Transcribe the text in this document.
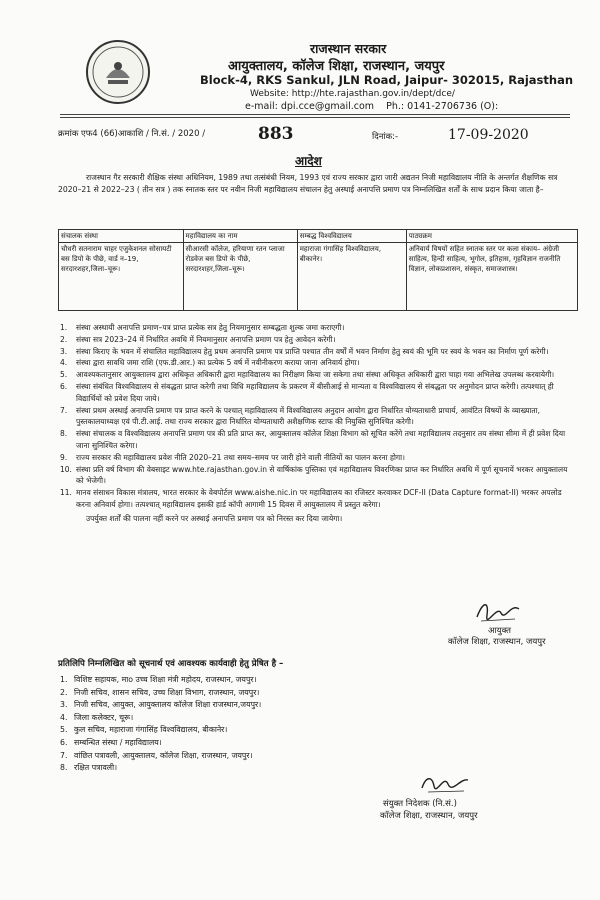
राजस्थान सरकार
आयुक्तालय, कॉलेज शिक्षा, राजस्थान, जयपुर
Block-4, RKS Sankul, JLN Road, Jaipur- 302015, Rajasthan
Website: http://hte.rajasthan.gov.in/dept/dce/
e-mail: dpi.cce@gmail.com Ph.: 0141-2706736 (O):
क्रमांक एफ4 (66)आकाशि / नि.सं. / 2020 /	883	दिनांक:-	17-09-2020
आदेश
राजस्थान गैर सरकारी शैक्षिक संस्था अधिनियम, 1989 तथा तत्संबंधी नियम, 1993 एवं राज्य सरकार द्वारा जारी अद्यतन निजी महाविद्यालय नीति के अन्तर्गत शैक्षणिक सत्र 2020–21 से 2022–23 ( तीन सत्र ) तक स्नातक स्तर पर नवीन निजी महाविद्यालय संचालन हेतु अस्थाई अनापत्ति प्रमाण पत्र निम्नलिखित शर्तों के साथ प्रदान किया जाता है–
संचालक संस्था	महाविद्यालय का नाम	सम्बद्ध विश्वविद्यालय	पाठ्यक्रम
चौधरी सतनाराम चाहर एजुकेशनल सोसायटी बस डिपो के पीछे, वार्ड न–19, सरदारशहर,जिला–चूरू।	सीआरसी कॉलेज, हरियाणा रतन प्लाजा रोडवेज बस डिपो के पीछे, सरदारशहर,जिला–चूरू।	महाराजा गंगासिंह विश्वविद्यालय, बीकानेर।	अनिवार्य विषयों सहित स्नातक स्तर पर कला संकाय– अंग्रेजी साहित्य, हिन्दी साहित्य, भूगोल, इतिहास, गृहविज्ञान राजनीति विज्ञान, लोकप्रशासन, संस्कृत, समाजशास्त्र।
1. संस्था अस्थायी अनापत्ति प्रमाण–पत्र प्राप्त प्रत्येक सत्र हेतु नियमानुसार सम्बद्धता शुल्क जमा कराएगी।
2. संस्था सत्र 2023–24 में निर्धारित अवधि में नियमानुसार अनापत्ति प्रमाण पत्र हेतु आवेदन करेगी।
3. संस्था किराए के भवन में संचालित महाविद्यालय हेतु प्रथम अनापत्ति प्रमाण पत्र प्राप्ति पश्चात तीन वर्षों में भवन निर्माण हेतु स्वयं की भूमि पर स्वयं के भवन का निर्माण पूर्ण करेगी।
4. संस्था द्वारा सावधि जमा राशि (एफ.डी.आर.) का प्रत्येक 5 वर्ष में नवीनीकरण कराया जाना अनिवार्य होगा।
5. आवश्यकतानुसार आयुक्तालय द्वारा अधिकृत अधिकारी द्वारा महाविद्यालय का निरीक्षण किया जा सकेगा तथा संस्था अधिकृत अधिकारी द्वारा चाहा गया अभिलेख उपलब्ध करवायेगी।
6. संस्था संबंधित विश्वविद्यालय से संबद्धता प्राप्त करेगी तथा विधि महाविद्यालय के प्रकरण में बीसीआई से मान्यता व विश्वविद्यालय से संबद्धता पर अनुमोदन प्राप्त करेगी। तत्पश्चात् ही विद्यार्थियों को प्रवेश दिया जाये।
7. संस्था प्रथम अस्थाई अनापत्ति प्रमाण पत्र प्राप्त करने के पश्चात् महाविद्यालय में विश्वविद्यालय अनुदान आयोग द्वारा निर्धारित योग्यताधारी प्राचार्य, आवंटित विषयों के व्याख्याता, पुस्तकालयाध्यक्ष एवं पी.टी.आई. तथा राज्य सरकार द्वारा निर्धारित योग्यताधारी अशैक्षणिक स्टाफ की नियुक्ति सुनिश्चित करेगी।
8. संस्था संचालक व विश्वविद्यालय अनापत्ति प्रमाण पत्र की प्रति प्राप्त कर, आयुक्तालय कॉलेज शिक्षा विभाग को सूचित करेंगे तथा महाविद्यालय तदनुसार तय संस्था सीमा में ही प्रवेश दिया जाना सुनिश्चित करेगा।
9. राज्य सरकार की महाविद्यालय प्रवेश नीति 2020–21 तथा समय–समय पर जारी होने वाली नीतियों का पालन करना होगा।
10. संस्था प्रति वर्ष विभाग की वेबसाइट www.hte.rajasthan.gov.in से वार्षिकांक पुस्तिका एवं महाविद्यालय विवरणिका प्राप्त कर निर्धारित अवधि में पूर्ण सूचनायें भरकर आयुक्तालय को भेजेगी।
11. मानव संसाधन विकास मंत्रालय, भारत सरकार के वेबपोर्टल www.aishe.nic.in पर महाविद्यालय का रजिस्टर करवाकर DCF-II (Data Capture format-II) भरकर अपलोड करना अनिवार्य होगा। तत्पश्चात् महाविद्यालय इसकी हार्ड कॉपी आगामी 15 दिवस में आयुक्तालय में प्रस्तुत करेगा।
उपर्युक्त शर्तों की पालना नहीं करने पर अस्थाई अनापत्ति प्रमाण पत्र को निरस्त कर दिया जायेगा।
आयुक्त
कॉलेज शिक्षा, राजस्थान, जयपुर
प्रतिलिपि निम्नलिखित को सूचनार्थ एवं आवश्यक कार्यवाही हेतु प्रेषित है –
1. विशिष्ट सहायक, माo उच्च शिक्षा मंत्री महोदय, राजस्थान, जयपुर।
2. निजी सचिव, शासन सचिव, उच्च शिक्षा विभाग, राजस्थान, जयपुर।
3. निजी सचिव, आयुक्त, आयुक्तालय कॉलेज शिक्षा राजस्थान,जयपुर।
4. जिला कलेक्टर, चूरू।
5. कुल सचिव, महाराजा गंगासिंह विश्वविद्यालय, बीकानेर।
6. सम्बन्धित संस्था / महाविद्यालय।
7. वांछित पत्रावली, आयुक्तालय, कॉलेज शिक्षा, राजस्थान, जयपुर।
8. रक्षित पत्रावली।
संयुक्त निदेशक (नि.सं.)
कॉलेज शिक्षा, राजस्थान, जयपुर
